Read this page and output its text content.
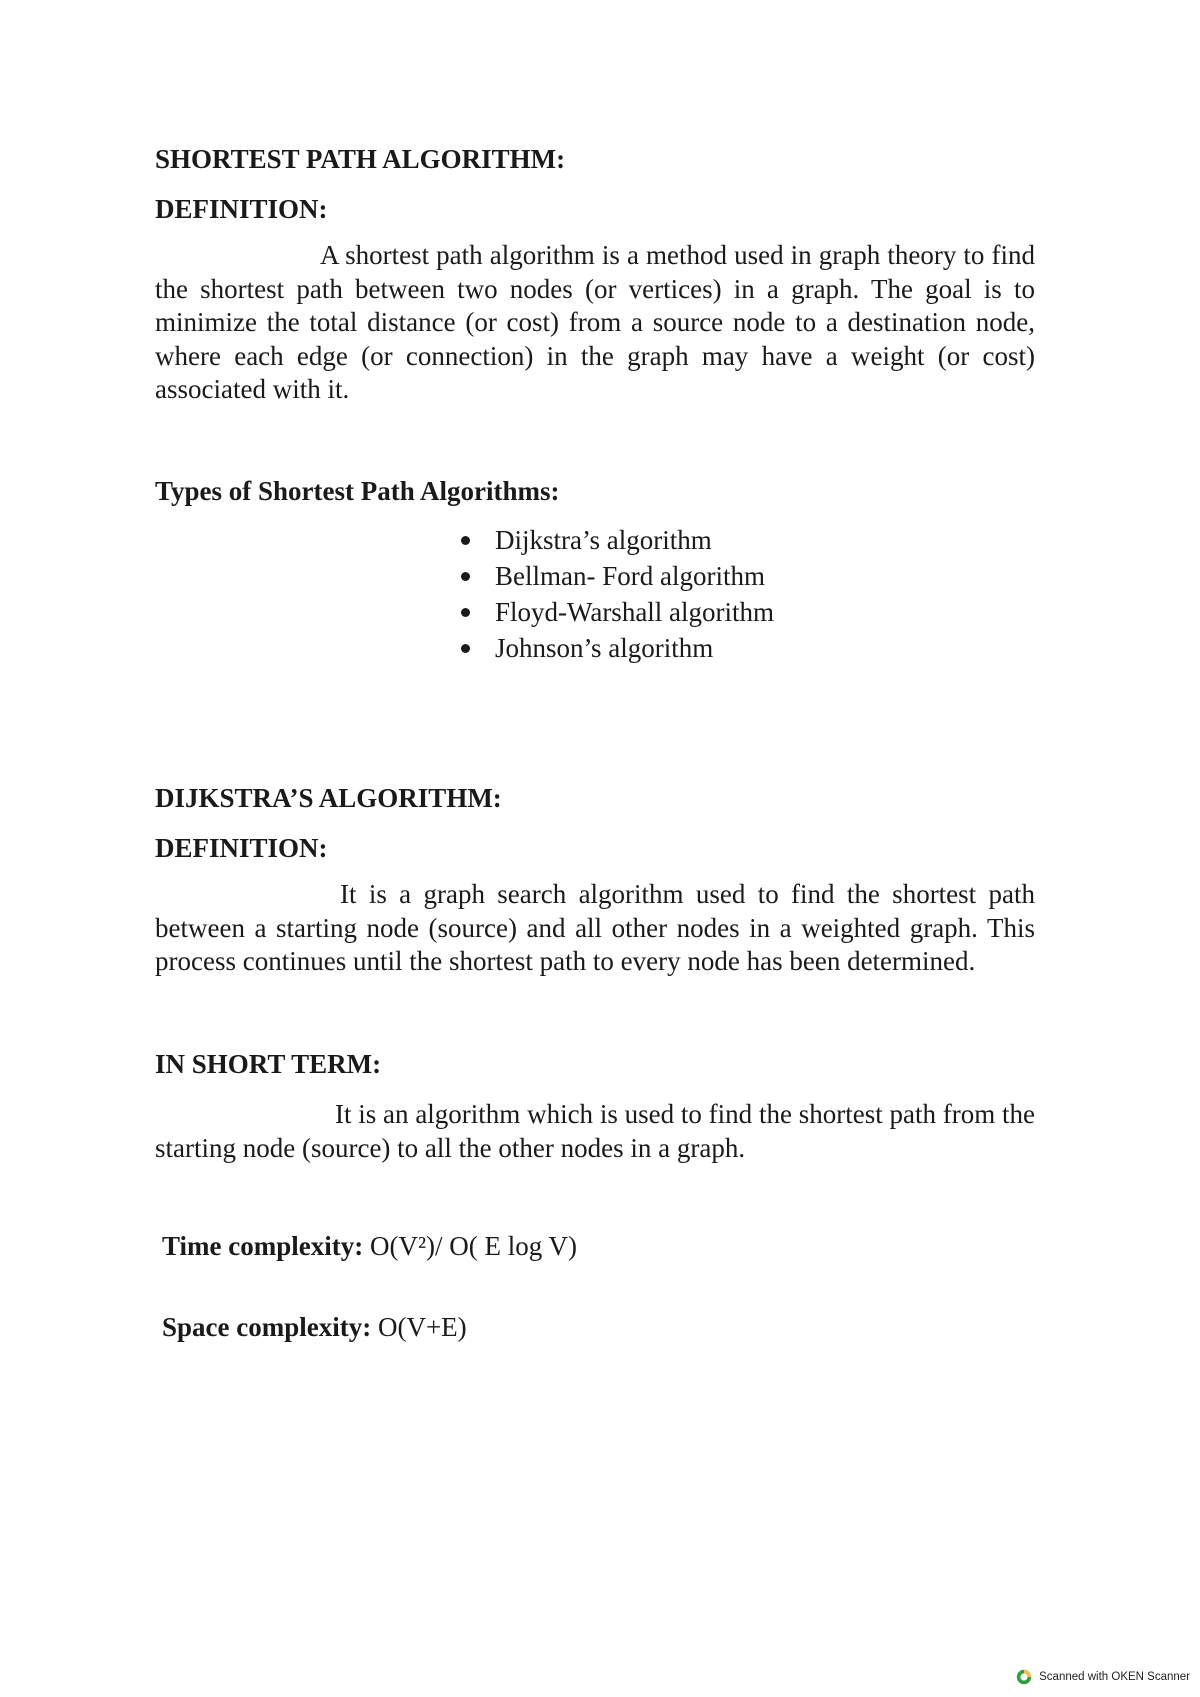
SHORTEST PATH ALGORITHM:

DEFINITION:

A shortest path algorithm is a method used in graph theory to find the shortest path between two nodes (or vertices) in a graph. The goal is to minimize the total distance (or cost) from a source node to a destination node, where each edge (or connection) in the graph may have a weight (or cost) associated with it.

Types of Shortest Path Algorithms:

Dijkstra’s algorithm
Bellman- Ford algorithm
Floyd-Warshall algorithm
Johnson’s algorithm

DIJKSTRA’S ALGORITHM:

DEFINITION:

It is a graph search algorithm used to find the shortest path between a starting node (source) and all other nodes in a weighted graph. This process continues until the shortest path to every node has been determined.

IN SHORT TERM:

It is an algorithm which is used to find the shortest path from the starting node (source) to all the other nodes in a graph.

Time complexity: O(V²)/ O( E log V)

Space complexity: O(V+E)

Scanned with OKEN Scanner
